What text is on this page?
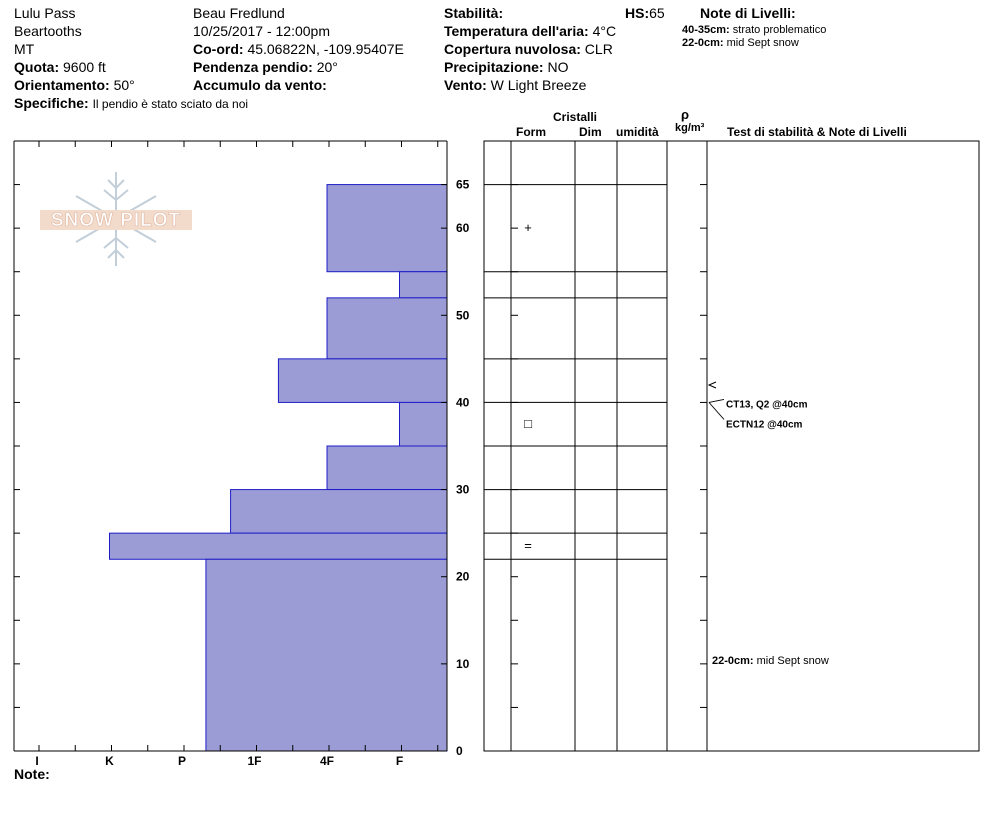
Lulu Pass
Beartooths
MT
Quota: 9600 ft
Orientamento: 50°
Specifiche: Il pendio è stato sciato da noi
Beau Fredlund
10/25/2017 - 12:00pm
Co-ord: 45.06822N, -109.95407E
Pendenza pendio: 20°
Accumulo da vento:
Stabilità:	HS:65
Temperatura dell'aria: 4°C
Copertura nuvolosa: CLR
Precipitazione: NO
Vento: W Light Breeze
Note di Livelli:
40-35cm: strato problematico
22-0cm: mid Sept snow
Cristalli
Form	Dim umidità
ρ
kg/m³ Test di stabilità & Note di Livelli
Note:
SNOW PILOT
0
10
20
30
40
50
60
65
I	K	P	1F	4F	F
+
□
=
CT13, Q2 @40cm
ECTN12 @40cm
22-0cm: mid Sept snow
